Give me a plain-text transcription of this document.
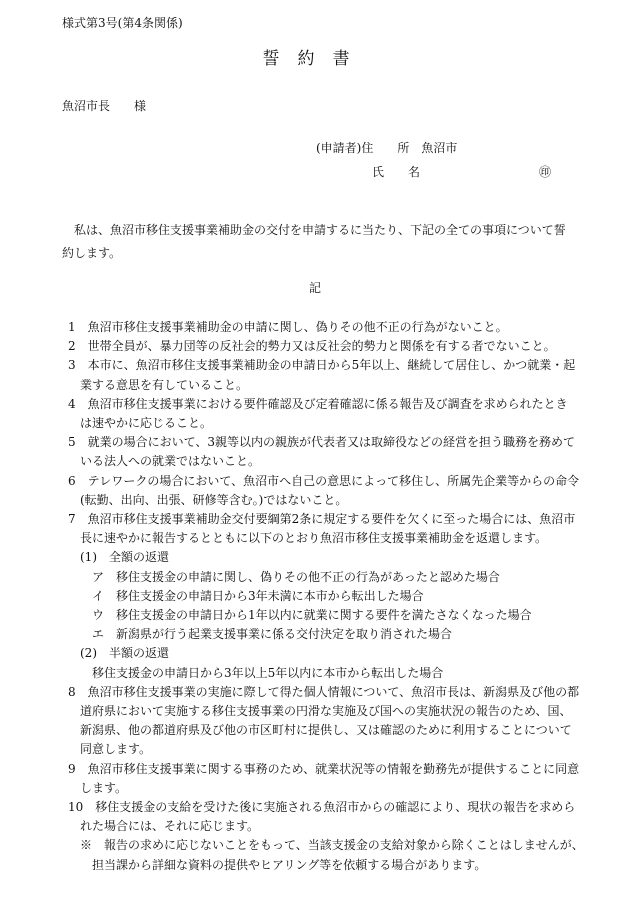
様式第3号(第4条関係)
誓約書
魚沼市長　　様
(申請者)住　　所　魚沼市
氏　　名	㊞
私は、魚沼市移住支援事業補助金の交付を申請するに当たり、下記の全ての事項について誓約します。
記
1　魚沼市移住支援事業補助金の申請に関し、偽りその他不正の行為がないこと。
2　世帯全員が、暴力団等の反社会的勢力又は反社会的勢力と関係を有する者でないこと。
3　本市に、魚沼市移住支援事業補助金の申請日から5年以上、継続して居住し、かつ就業・起
　業する意思を有していること。
4　魚沼市移住支援事業における要件確認及び定着確認に係る報告及び調査を求められたとき
　は速やかに応じること。
5　就業の場合において、3親等以内の親族が代表者又は取締役などの経営を担う職務を務めて
　いる法人への就業ではないこと。
6　テレワークの場合において、魚沼市へ自己の意思によって移住し、所属先企業等からの命令
　(転勤、出向、出張、研修等含む。)ではないこと。
7　魚沼市移住支援事業補助金交付要綱第2条に規定する要件を欠くに至った場合には、魚沼市
　長に速やかに報告するとともに以下のとおり魚沼市移住支援事業補助金を返還します。
　(1)　全額の返還
　　ア　移住支援金の申請に関し、偽りその他不正の行為があったと認めた場合
　　イ　移住支援金の申請日から3年未満に本市から転出した場合
　　ウ　移住支援金の申請日から1年以内に就業に関する要件を満たさなくなった場合
　　エ　新潟県が行う起業支援事業に係る交付決定を取り消された場合
　(2)　半額の返還
　　移住支援金の申請日から3年以上5年以内に本市から転出した場合
8　魚沼市移住支援事業の実施に際して得た個人情報について、魚沼市長は、新潟県及び他の都
　道府県において実施する移住支援事業の円滑な実施及び国への実施状況の報告のため、国、
　新潟県、他の都道府県及び他の市区町村に提供し、又は確認のために利用することについて
　同意します。
9　魚沼市移住支援事業に関する事務のため、就業状況等の情報を勤務先が提供することに同意
　します。
10　移住支援金の支給を受けた後に実施される魚沼市からの確認により、現状の報告を求めら
　れた場合には、それに応じます。
　※　報告の求めに応じないことをもって、当該支援金の支給対象から除くことはしませんが、
　　担当課から詳細な資料の提供やヒアリング等を依頼する場合があります。
